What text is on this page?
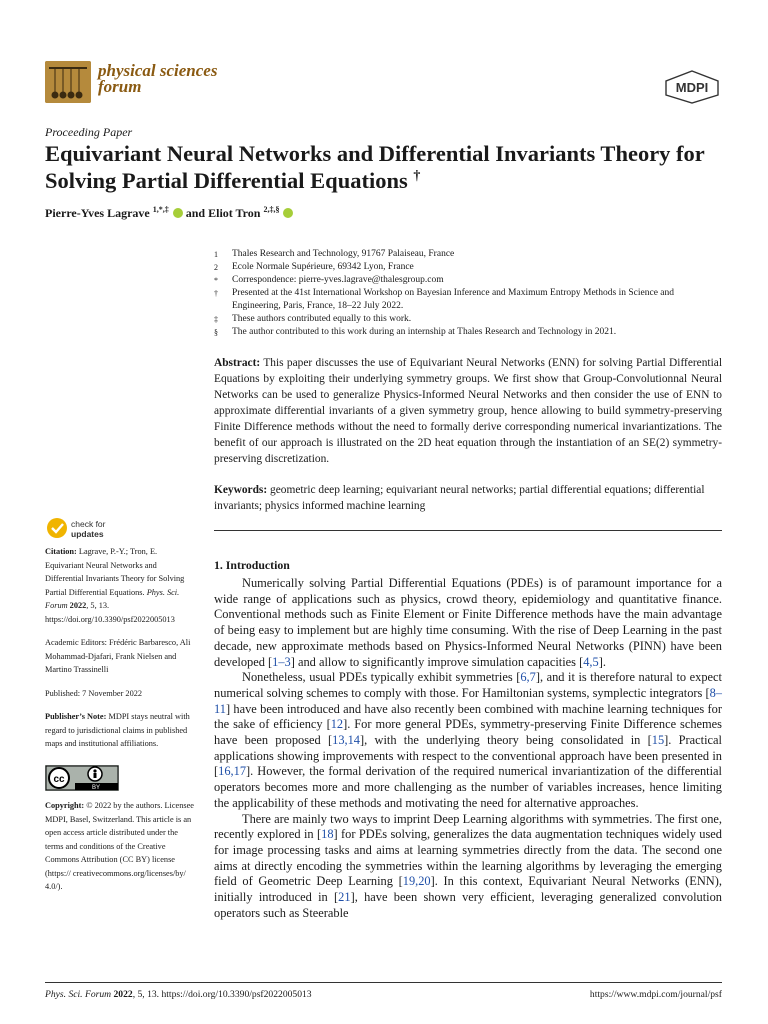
physical sciences
forum	MDPI
Proceeding Paper
Equivariant Neural Networks and Differential Invariants Theory for Solving Partial Differential Equations †
Pierre-Yves Lagrave $^{1,*,\ddagger}$ and Eliot Tron $^{2,\ddagger,\S}$
1	Thales Research and Technology, 91767 Palaiseau, France
2	Ecole Normale Supérieure, 69342 Lyon, France
*	Correspondence: pierre-yves.lagrave@thalesgroup.com
†	Presented at the 41st International Workshop on Bayesian Inference and Maximum Entropy Methods in Science and Engineering, Paris, France, 18–22 July 2022.
‡	These authors contributed equally to this work.
§	The author contributed to this work during an internship at Thales Research and Technology in 2021.
Abstract: This paper discusses the use of Equivariant Neural Networks (ENN) for solving Partial Differential Equations by exploiting their underlying symmetry groups. We first show that Group-Convolutionnal Neural Networks can be used to generalize Physics-Informed Neural Networks and then consider the use of ENN to approximate differential invariants of a given symmetry group, hence allowing to build symmetry-preserving Finite Difference methods without the need to formally derive corresponding numerical invariantizations. The benefit of our approach is illustrated on the 2D heat equation through the instantiation of an SE(2) symmetry-preserving discretization.
Keywords: geometric deep learning; equivariant neural networks; partial differential equations; differential invariants; physics informed machine learning
check for
updates
Citation: Lagrave, P.-Y.; Tron, E. Equivariant Neural Networks and Differential Invariants Theory for Solving Partial Differential Equations. Phys. Sci. Forum 2022, 5, 13. https://doi.org/10.3390/psf2022005013
Academic Editors: Frédéric Barbaresco, Ali Mohammad-Djafari, Frank Nielsen and Martino Trassinelli
Published: 7 November 2022
Publisher’s Note: MDPI stays neutral with regard to jurisdictional claims in published maps and institutional affiliations.
cc
BY
Copyright: © 2022 by the authors. Licensee MDPI, Basel, Switzerland. This article is an open access article distributed under the terms and conditions of the Creative Commons Attribution (CC BY) license (https:// creativecommons.org/licenses/by/ 4.0/).
1. Introduction

Numerically solving Partial Differential Equations (PDEs) is of paramount importance for a wide range of applications such as physics, crowd theory, epidemiology and quantitative finance. Conventional methods such as Finite Element or Finite Difference methods have the main advantage of being easy to implement but are highly time consuming. With the rise of Deep Learning in the past decade, new approximate methods based on Physics-Informed Neural Networks (PINN) have been developed [1–3] and allow to significantly improve simulation capacities [4,5].

Nonetheless, usual PDEs typically exhibit symmetries [6,7], and it is therefore natural to expect numerical solving schemes to comply with those. For Hamiltonian systems, symplectic integrators [8–11] have been introduced and have also recently been combined with machine learning techniques for the sake of efficiency [12]. For more general PDEs, symmetry-preserving Finite Difference schemes have been proposed [13,14], with the underlying theory being consolidated in [15]. Practical applications showing improvements with respect to the conventional approach have been presented in [16,17]. However, the formal derivation of the required numerical invariantization of the differential operators becomes more and more challenging as the number of variables increases, hence limiting the applicability of these methods and motivating the need for alternative approaches.

There are mainly two ways to imprint Deep Learning algorithms with symmetries. The first one, recently explored in [18] for PDEs solving, generalizes the data augmentation techniques widely used for image processing tasks and aims at learning symmetries directly from the data. The second one aims at directly encoding the symmetries within the learning algorithms by leveraging the emerging field of Geometric Deep Learning [19,20]. In this context, Equivariant Neural Networks (ENN), initially introduced in [21], have been shown very efficient, leveraging generalized convolution operators such as Steerable

Phys. Sci. Forum 2022, 5, 13. https://doi.org/10.3390/psf2022005013	https://www.mdpi.com/journal/psf
